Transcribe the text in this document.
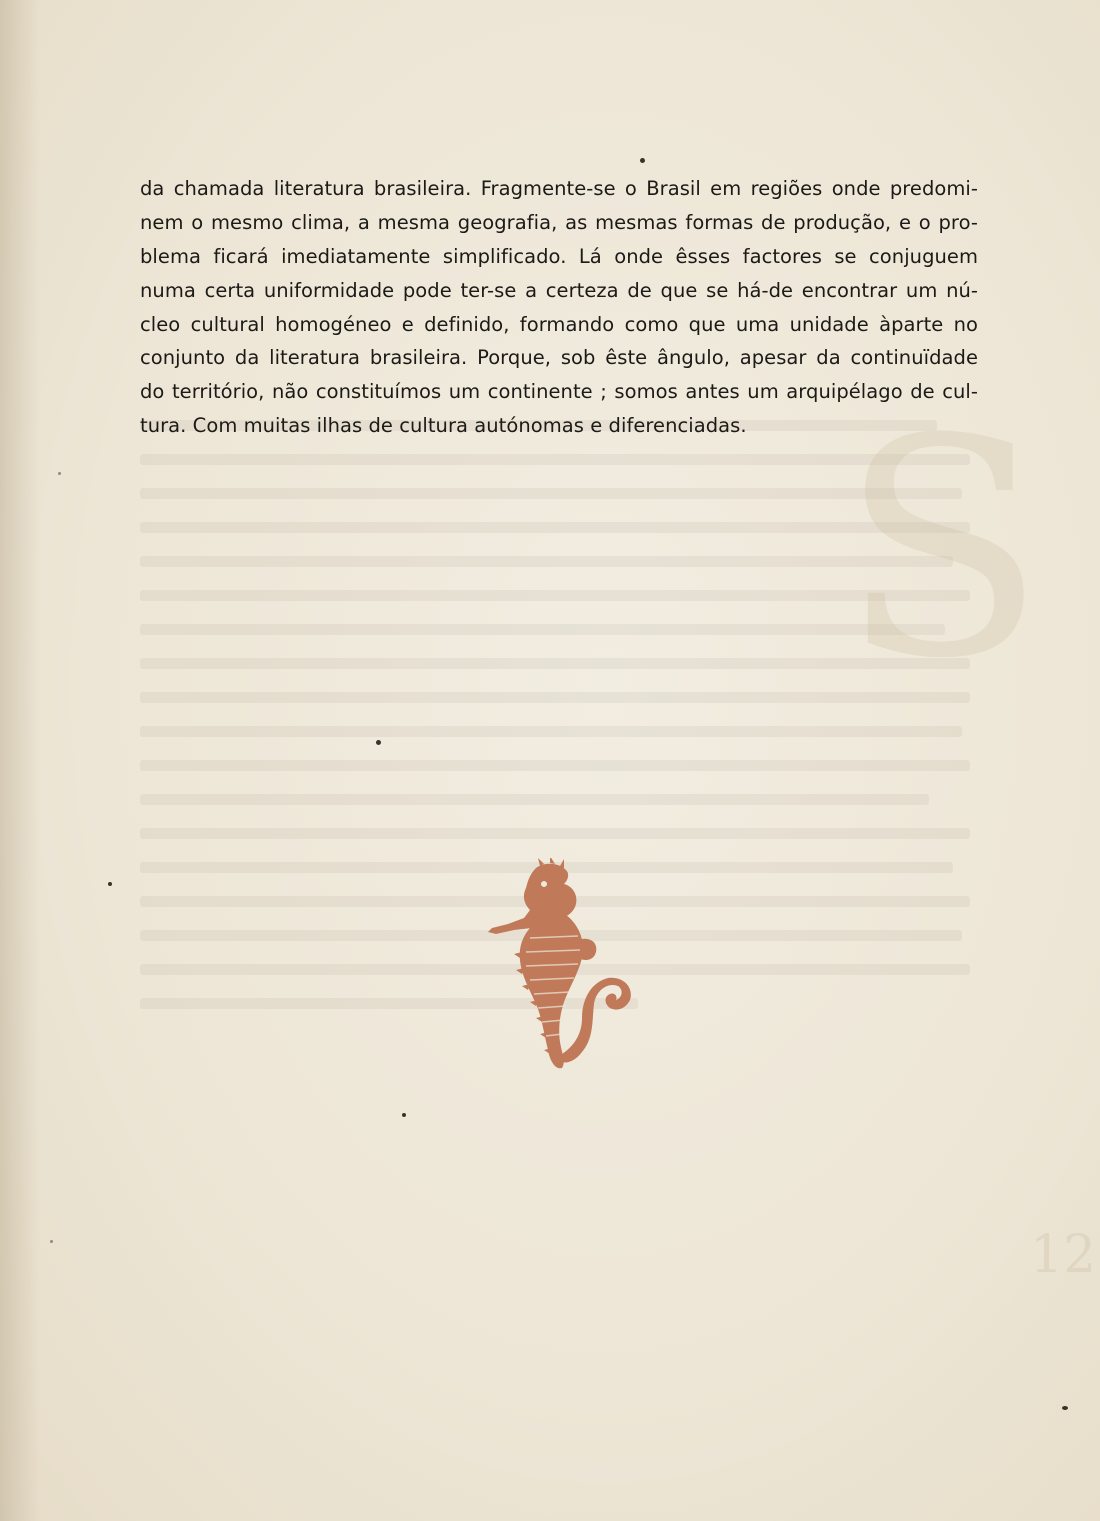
S
12
da chamada literatura brasileira. Fragmente-se o Brasil em regiões onde predomi-
nem o mesmo clima, a mesma geografia, as mesmas formas de produção, e o pro-
blema ficará imediatamente simplificado. Lá onde êsses factores se conjuguem
numa certa uniformidade pode ter-se a certeza de que se há-de encontrar um nú-
cleo cultural homogéneo e definido, formando como que uma unidade àparte no
conjunto da literatura brasileira. Porque, sob êste ângulo, apesar da continuïdade
do território, não constituímos um continente ; somos antes um arquipélago de cul-
tura. Com muitas ilhas de cultura autónomas e diferenciadas.
